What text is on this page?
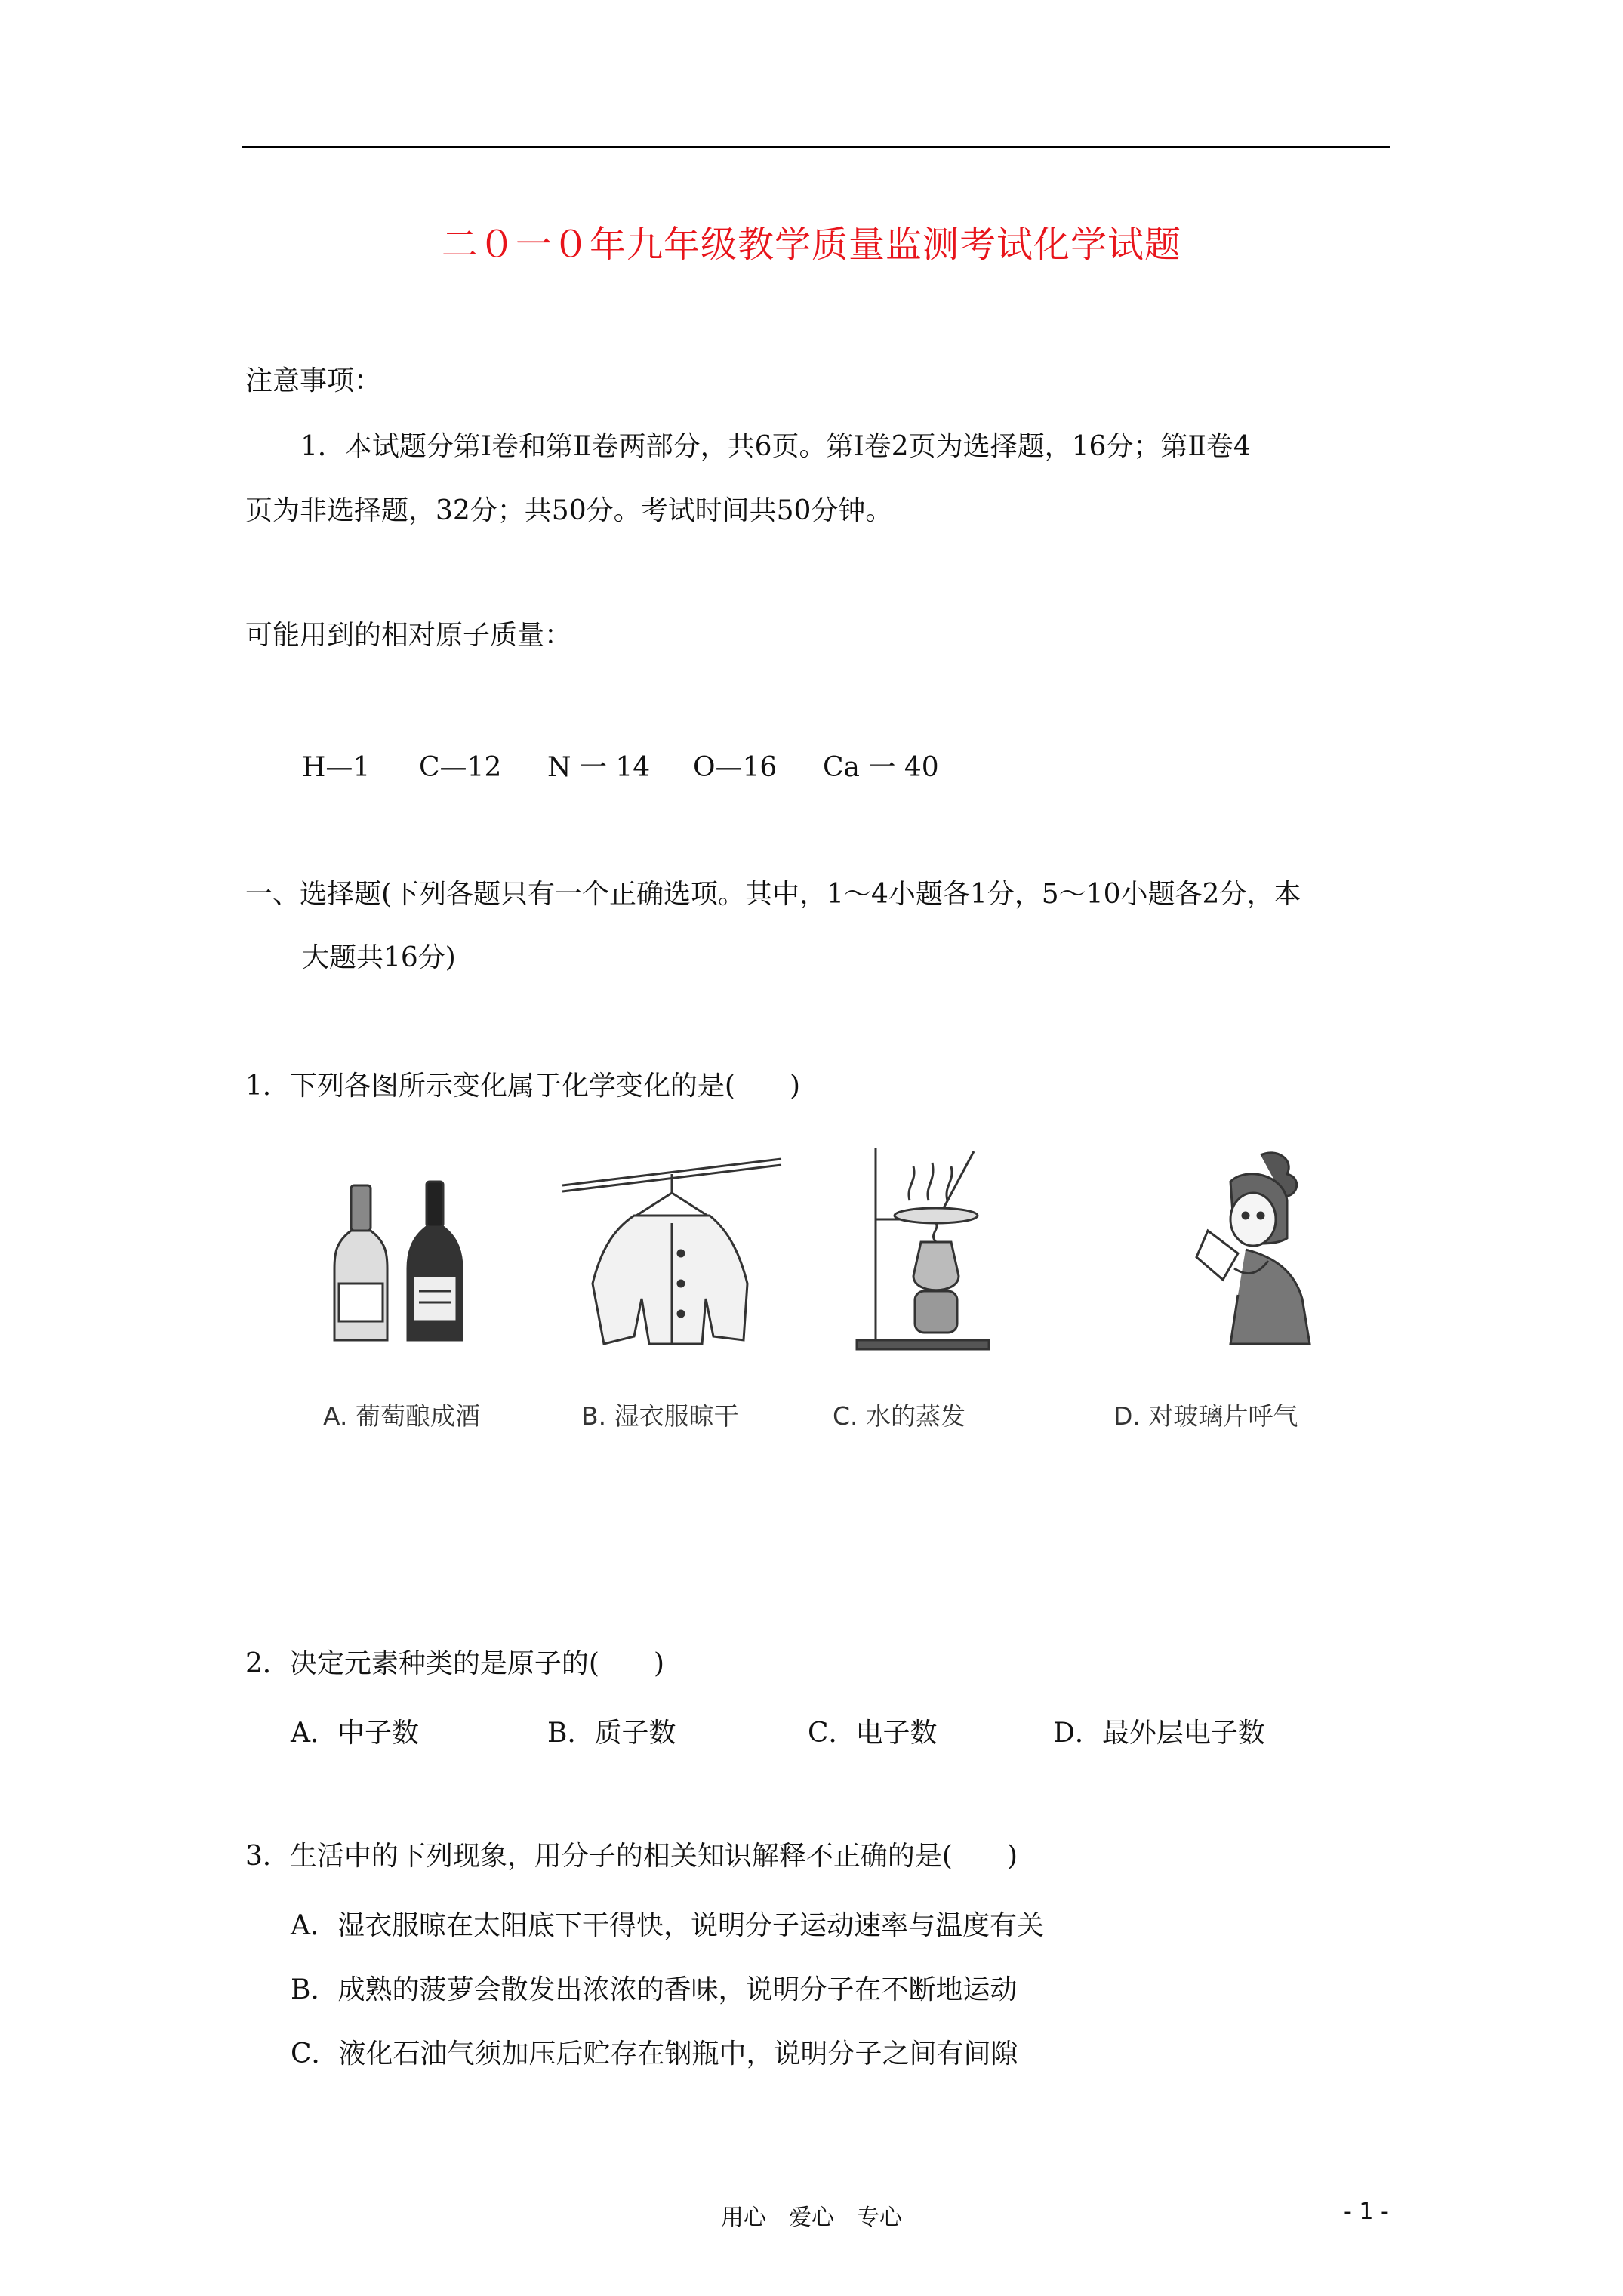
二０一０年九年级教学质量监测考试化学试题
注意事项：
1．本试题分第Ⅰ卷和第Ⅱ卷两部分，共6页。第Ⅰ卷2页为选择题，16分；第Ⅱ卷4
页为非选择题，32分；共50分。考试时间共50分钟。
可能用到的相对原子质量：
H—1 C—12 N 一 14 O—16 Ca 一 40
一、选择题(下列各题只有一个正确选项。其中，1～4小题各1分，5～10小题各2分，本
大题共16分)
1．下列各图所示变化属于化学变化的是(　　)
A. 葡萄酿成酒	B. 湿衣服晾干	C. 水的蒸发	D. 对玻璃片呼气
2．决定元素种类的是原子的(　　)
A．中子数	B．质子数	C．电子数	D．最外层电子数
3．生活中的下列现象，用分子的相关知识解释不正确的是(　　)
A．湿衣服晾在太阳底下干得快，说明分子运动速率与温度有关
B．成熟的菠萝会散发出浓浓的香味，说明分子在不断地运动
C．液化石油气须加压后贮存在钢瓶中，说明分子之间有间隙
用心　爱心　专心	- 1 -
